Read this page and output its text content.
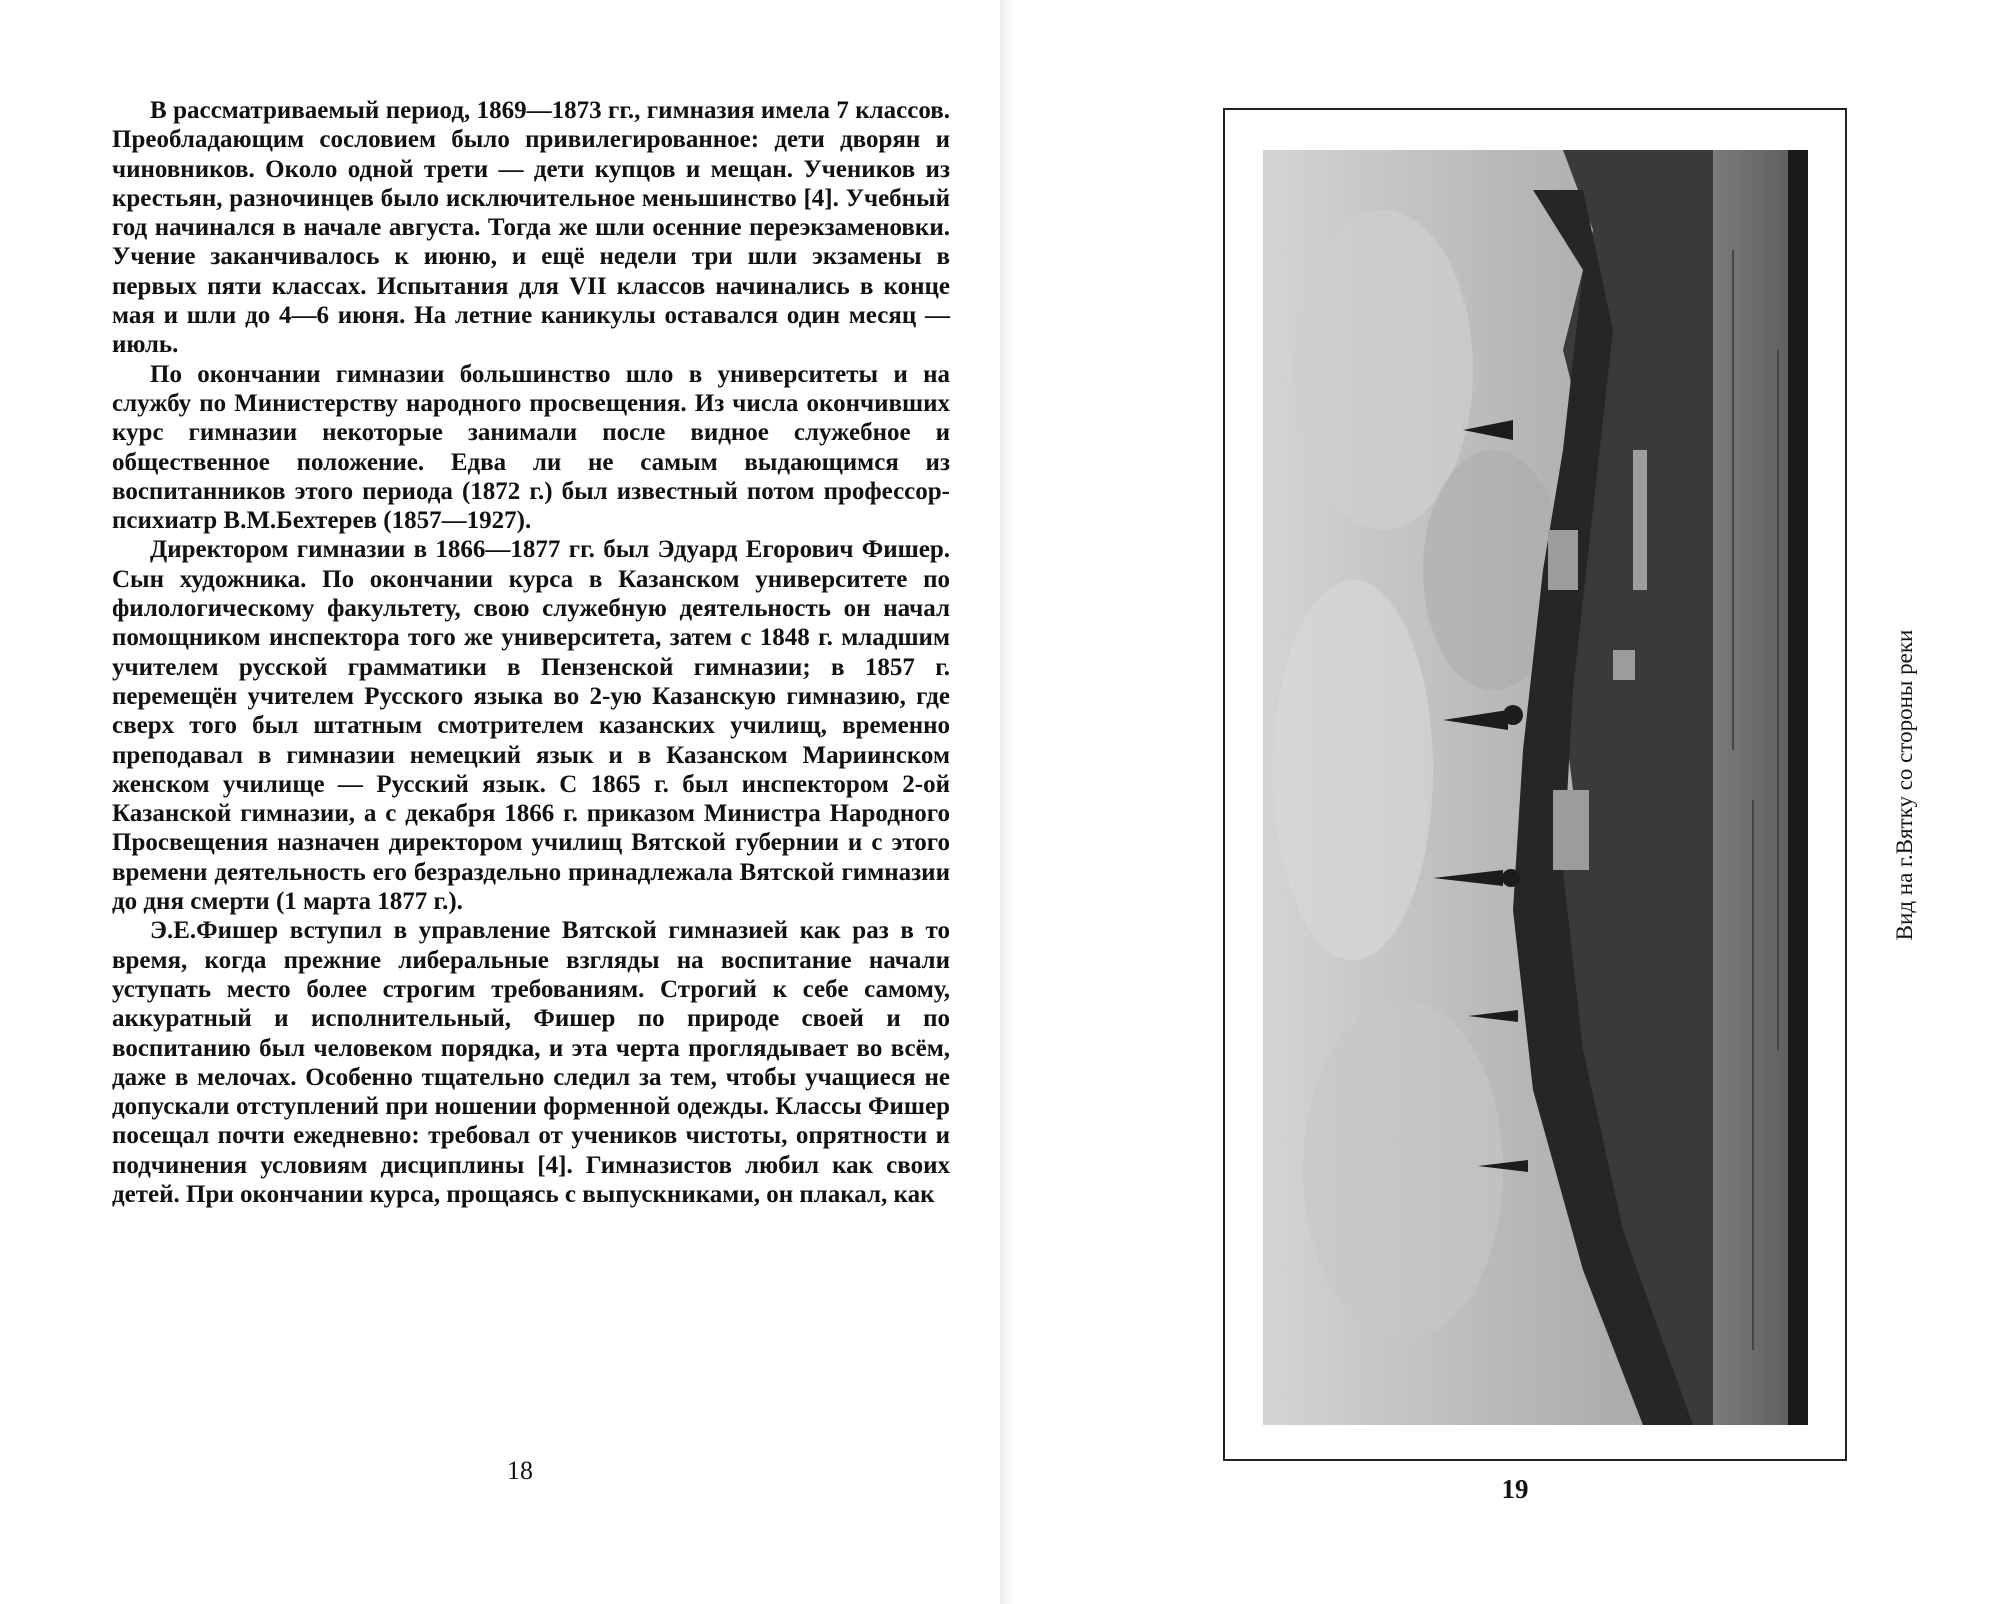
В рассматриваемый период, 1869—1873 гг., гимназия имела 7 классов. Преобладающим сословием было привилегированное: дети дворян и чиновников. Около одной трети — дети купцов и мещан. Учеников из крестьян, разночинцев было исключительное меньшинство [4]. Учебный год начинался в начале августа. Тогда же шли осенние переэкзаменовки. Учение заканчивалось к июню, и ещё недели три шли экзамены в первых пяти классах. Испытания для VII классов начинались в конце мая и шли до 4—6 июня. На летние каникулы оставался один месяц — июль.

По окончании гимназии большинство шло в университеты и на службу по Министерству народного просвещения. Из числа окончивших курс гимназии некоторые занимали после видное служебное и общественное положение. Едва ли не самым выдающимся из воспитанников этого периода (1872 г.) был известный потом профессор-психиатр В.М.Бехтерев (1857—1927).

Директором гимназии в 1866—1877 гг. был Эдуард Егорович Фишер. Сын художника. По окончании курса в Казанском университете по филологическому факультету, свою служебную деятельность он начал помощником инспектора того же университета, затем с 1848 г. младшим учителем русской грамматики в Пензенской гимназии; в 1857 г. перемещён учителем Русского языка во 2-ую Казанскую гимназию, где сверх того был штатным смотрителем казанских училищ, временно преподавал в гимназии немецкий язык и в Казанском Мариинском женском училище — Русский язык. С 1865 г. был инспектором 2-ой Казанской гимназии, а с декабря 1866 г. приказом Министра Народного Просвещения назначен директором училищ Вятской губернии и с этого времени деятельность его безраздельно принадлежала Вятской гимназии до дня смерти (1 марта 1877 г.).

Э.Е.Фишер вступил в управление Вятской гимназией как раз в то время, когда прежние либеральные взгляды на воспитание начали уступать место более строгим требованиям. Строгий к себе самому, аккуратный и исполнительный, Фишер по природе своей и по воспитанию был человеком порядка, и эта черта проглядывает во всём, даже в мелочах. Особенно тщательно следил за тем, чтобы учащиеся не допускали отступлений при ношении форменной одежды. Классы Фишер посещал почти ежедневно: требовал от учеников чистоты, опрятности и подчинения условиям дисциплины [4]. Гимназистов любил как своих детей. При окончании курса, прощаясь с выпускниками, он плакал, как

18
Вид на г.Вятку со стороны реки
19
